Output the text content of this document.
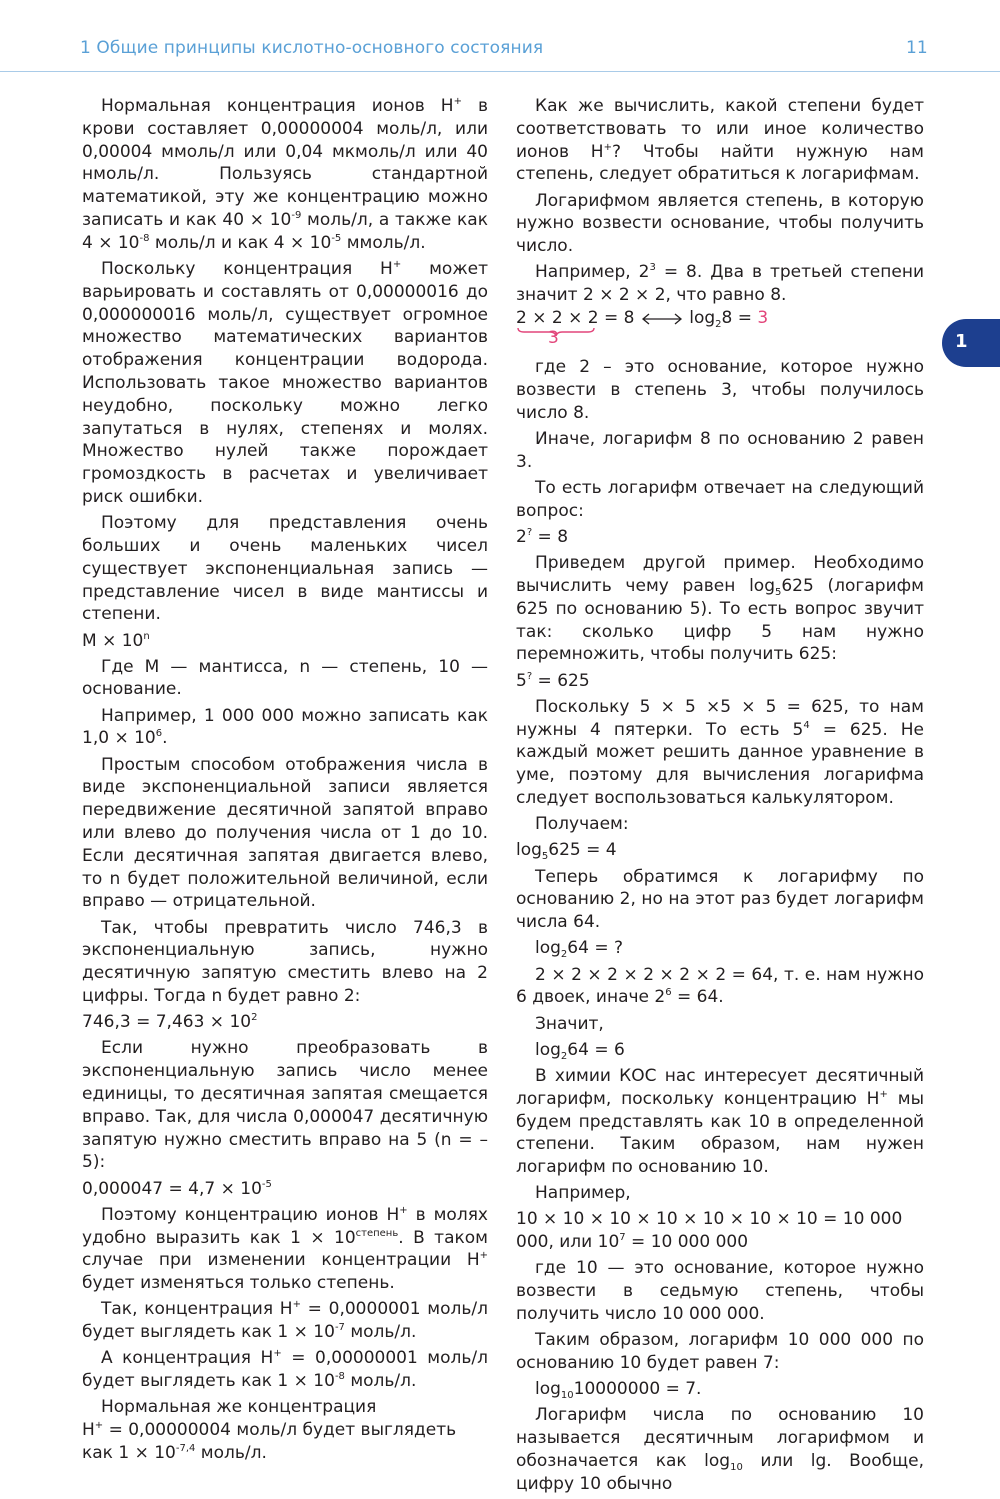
1 Общие принципы кислотно-основного состояния	11
1

Нормальная концентрация ионов Н+ в крови составляет 0,00000004 моль/л, или 0,00004 ммоль/л или 0,04 мкмоль/л или 40 нмоль/л. Пользуясь стандартной математикой, эту же концентрацию можно записать и как $40 \times 10^{-9}$ моль/л, а также как $4 \times 10^{-8}$ моль/л и как $4 \times 10^{-5}$ ммоль/л.

Поскольку концентрация Н+ может варьировать и составлять от 0,00000016 до 0,000000016 моль/л, существует огромное множество математических вариантов отображения концентрации водорода. Использовать такое множество вариантов неудобно, поскольку можно легко запутаться в нулях, степенях и молях. Множество нулей также порождает громоздкость в расчетах и увеличивает риск ошибки.

Поэтому для представления очень больших и очень маленьких чисел существует экспоненциальная запись — представление чисел в виде мантиссы и степени.

$M \times 10^n$

Где M — мантисса, n — степень, 10 — основание.

Например, 1 000 000 можно записать как $1,0 \times 10^6$.

Простым способом отображения числа в виде экспоненциальной записи является передвижение десятичной запятой вправо или влево до получения числа от 1 до 10. Если десятичная запятая двигается влево, то n будет положительной величиной, если вправо — отрицательной.

Так, чтобы превратить число 746,3 в экспоненциальную запись, нужно десятичную запятую сместить влево на 2 цифры. Тогда n будет равно 2:

$746,3 = 7,463 \times 10^2$

Если нужно преобразовать в экспоненциальную запись число менее единицы, то десятичная запятая смещается вправо. Так, для числа 0,000047 десятичную запятую нужно сместить вправо на 5 (n = –5):

$0,000047 = 4,7 \times 10^{-5}$

Поэтому концентрацию ионов Н+ в молях удобно выразить как $1 \times 10^{степень}$. В таком случае при изменении концентрации Н+ будет изменяться только степень.

Так, концентрация Н+ = 0,0000001 моль/л будет выглядеть как $1 \times 10^{-7}$ моль/л.

А концентрация Н+ = 0,00000001 моль/л будет выглядеть как $1 \times 10^{-8}$ моль/л.

Нормальная же концентрация

Н+ = 0,00000004 моль/л будет выглядеть как $1 \times 10^{-7,4}$ моль/л.

Как же вычислить, какой степени будет соответствовать то или иное количество ионов Н+? Чтобы найти нужную нам степень, следует обратиться к логарифмам.

Логарифмом является степень, в которую нужно возвести основание, чтобы получить число.

Например, $2^3 = 8$. Два в третьей степени значит 2 × 2 × 2, что равно 8.

2 × 2 × 2 = 8	$\log_28 = 3$
3

где 2 – это основание, которое нужно возвести в степень 3, чтобы получилось число 8.

Иначе, логарифм 8 по основанию 2 равен 3.

То есть логарифм отвечает на следующий вопрос:

2? = 8

Приведем другой пример. Необходимо вычислить чему равен $\log_5625$ (логарифм 625 по основанию 5). То есть вопрос звучит так: сколько цифр 5 нам нужно перемножить, чтобы получить 625:

5? = 625

Поскольку 5 × 5 ×5 × 5 = 625, то нам нужны 4 пятерки. То есть $5^4 = 625$. Не каждый может решить данное уравнение в уме, поэтому для вычисления логарифма следует воспользоваться калькулятором.

Получаем:

$\log_5625 = 4$

Теперь обратимся к логарифму по основанию 2, но на этот раз будет логарифм числа 64.

$\log_264$ = ?

2 × 2 × 2 × 2 × 2 × 2 = 64, т. е. нам нужно 6 двоек, иначе $2^6 = 64$.

Значит,

$\log_264 = 6$

В химии КОС нас интересует десятичный логарифм, поскольку концентрацию Н+ мы будем представлять как 10 в определенной степени. Таким образом, нам нужен логарифм по основанию 10.

Например,

10 × 10 × 10 × 10 × 10 × 10 × 10 = 10 000 000, или $10^7 = 10$ 000 000

где 10 — это основание, которое нужно возвести в седьмую степень, чтобы получить число 10 000 000.

Таким образом, логарифм 10 000 000 по основанию 10 будет равен 7:

$\log_{10}10000000 = 7$.

Логарифм числа по основанию 10 называется десятичным логарифмом и обозначается как $\log_{10}$ или lg. Вообще, цифру 10 обычно
